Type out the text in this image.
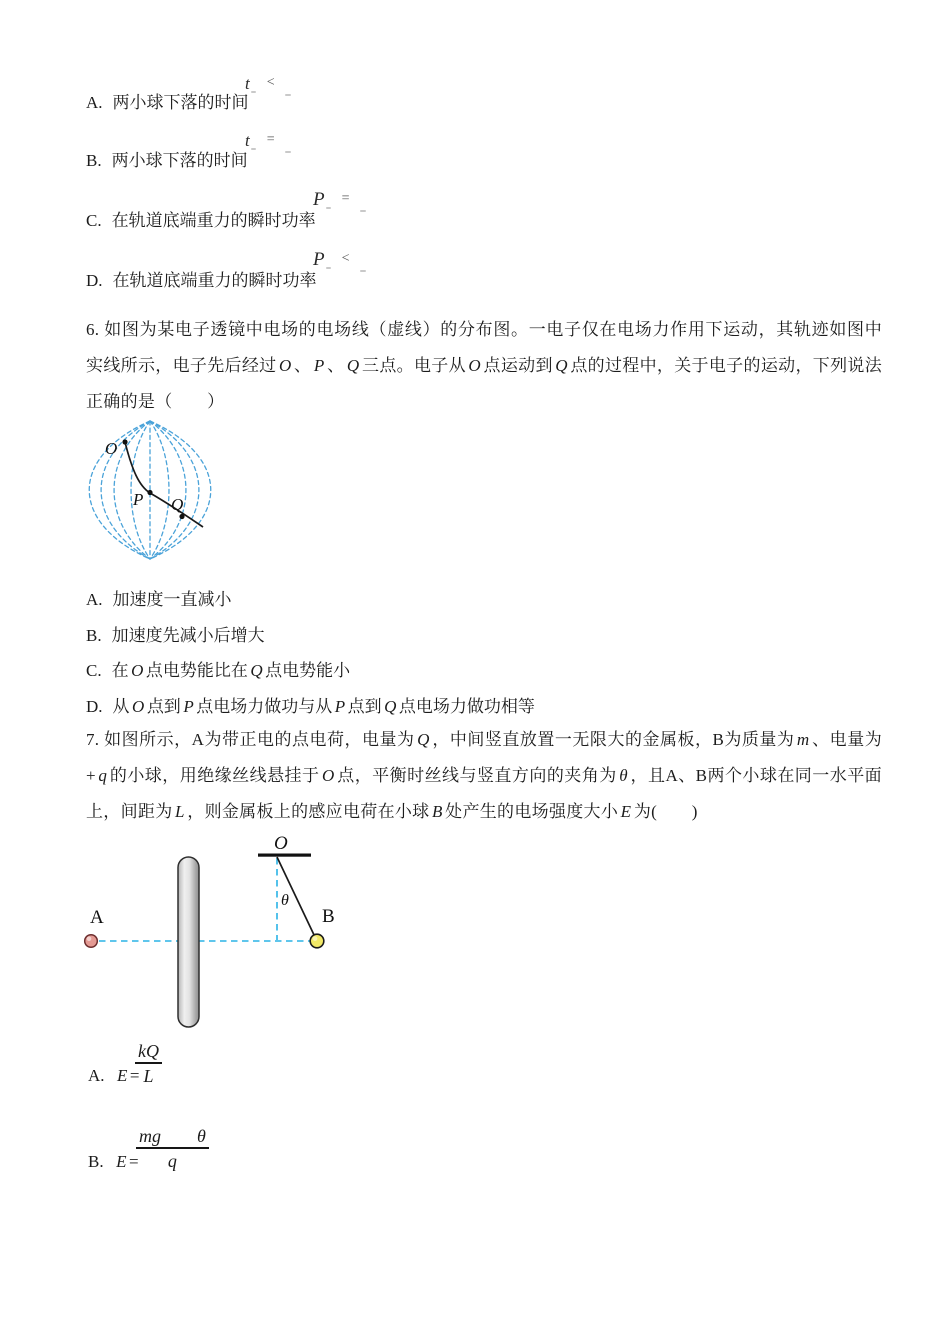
A. 两小球下落的时间
t <
B. 两小球下落的时间
t =
C. 在轨道底端重力的瞬时功率
P =
D. 在轨道底端重力的瞬时功率
P <
6. 如图为某电子透镜中电场的电场线（虚线）的分布图。一电子仅在电场力作用下运动，其轨迹如图中实线所示，电子先后经过 O 、 P 、 Q 三点。电子从 O 点运动到 Q 点的过程中，关于电子的运动，下列说法正确的是（　　）
O
P Q
A. 加速度一直减小
B. 加速度先减小后增大
C. 在 O 点电势能比在 Q 点电势能小
D. 从 O 点到 P 点电场力做功与从 P 点到 Q 点电场力做功相等
7. 如图所示，A为带正电的点电荷，电量为 Q ，中间竖直放置一无限大的金属板，B为质量为 m 、电量为+ q 的小球，用绝缘丝线悬挂于 O 点，平衡时丝线与竖直方向的夹角为 θ ，且A、B两个小球在同一水平面上，间距为 L ，则金属板上的感应电荷在小球 B 处产生的电场强度大小 E 为(　　)
O
θ
A	B
A. E =
kQ
L
B. E =
mg θ
q
